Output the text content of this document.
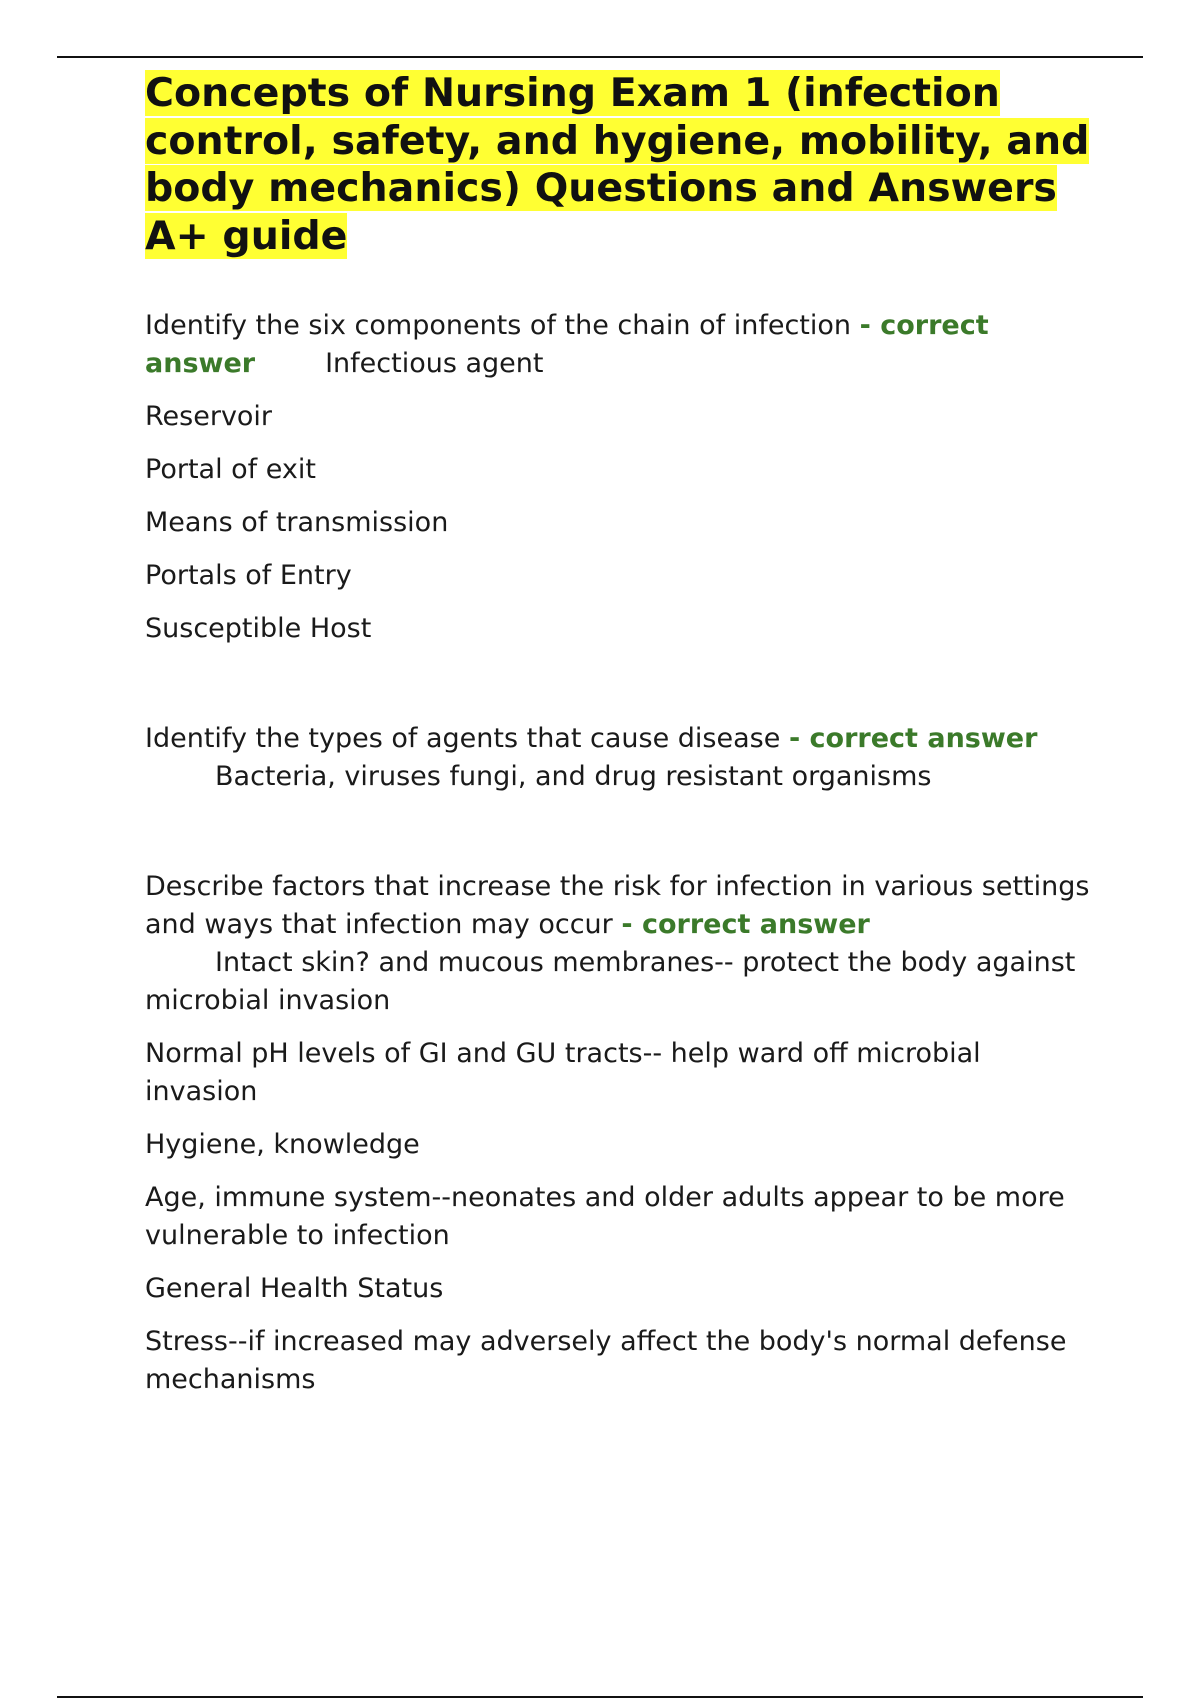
Concepts of Nursing Exam 1 (infection control, safety, and hygiene, mobility, and body mechanics) Questions and Answers A+ guide

Identify the six components of the chain of infection - correct answer	Infectious agent

Reservoir

Portal of exit

Means of transmission

Portals of Entry

Susceptible Host

Identify the types of agents that cause disease - correct answer
Bacteria, viruses fungi, and drug resistant organisms

Describe factors that increase the risk for infection in various settings and ways that infection may occur - correct answer
Intact skin? and mucous membranes-- protect the body against microbial invasion

Normal pH levels of GI and GU tracts-- help ward off microbial invasion

Hygiene, knowledge

Age, immune system--neonates and older adults appear to be more vulnerable to infection

General Health Status

Stress--if increased may adversely affect the body's normal defense mechanisms
